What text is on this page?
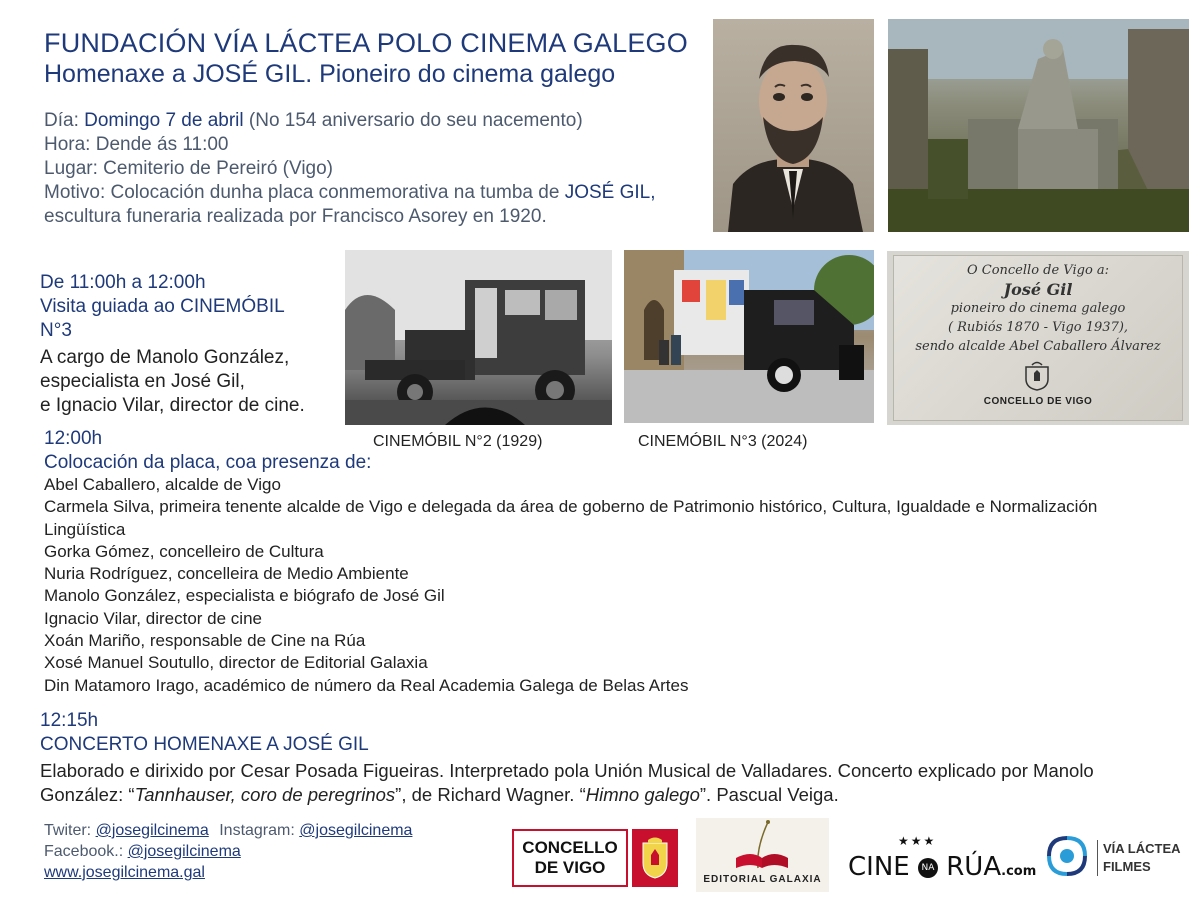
FUNDACIÓN VÍA LÁCTEA POLO CINEMA GALEGO
Homenaxe a JOSÉ GIL. Pioneiro do cinema galego
Día: Domingo 7 de abril (No 154 aniversario do seu nacemento)
Hora: Dende ás 11:00
Lugar: Cemiterio de Pereiró (Vigo)
Motivo: Colocación dunha placa conmemorativa na tumba de JOSÉ GIL,
escultura funeraria realizada por Francisco Asorey en 1920.
De 11:00h a 12:00h
Visita guiada ao CINEMÓBIL
N°3
A cargo de Manolo González,
especialista en José Gil,
e Ignacio Vilar, director de cine.
O Concello de Vigo a:
José Gil
pioneiro do cinema galego
( Rubiós 1870 - Vigo 1937),
sendo alcalde Abel Caballero Álvarez
CONCELLO DE VIGO
CINEMÓBIL N°2 (1929)	CINEMÓBIL N°3 (2024)
12:00h
Colocación da placa, coa presenza de:
Abel Caballero, alcalde de Vigo
Carmela Silva, primeira tenente alcalde de Vigo e delegada da área de goberno de Patrimonio histórico, Cultura, Igualdade e Normalización Lingüística
Gorka Gómez, concelleiro de Cultura
Nuria Rodríguez, concelleira de Medio Ambiente
Manolo González, especialista e biógrafo de José Gil
Ignacio Vilar, director de cine
Xoán Mariño, responsable de Cine na Rúa
Xosé Manuel Soutullo, director de Editorial Galaxia
Din Matamoro Irago, académico de número da Real Academia Galega de Belas Artes
12:15h
CONCERTO HOMENAXE A JOSÉ GIL
Elaborado e dirixido por Cesar Posada Figueiras. Interpretado pola Unión Musical de Valladares. Concerto explicado por Manolo González: “Tannhauser, coro de peregrinos”, de Richard Wagner. “Himno galego”. Pascual Veiga.
Twiter: @josegilcinema Instagram: @josegilcinema
Facebook.: @josegilcinema
www.josegilcinema.gal
CONCELLO
DE VIGO
EDITORIAL GALAXIA
★★★
CINE NA RÚA.com
VÍA LÁCTEA
FILMES
